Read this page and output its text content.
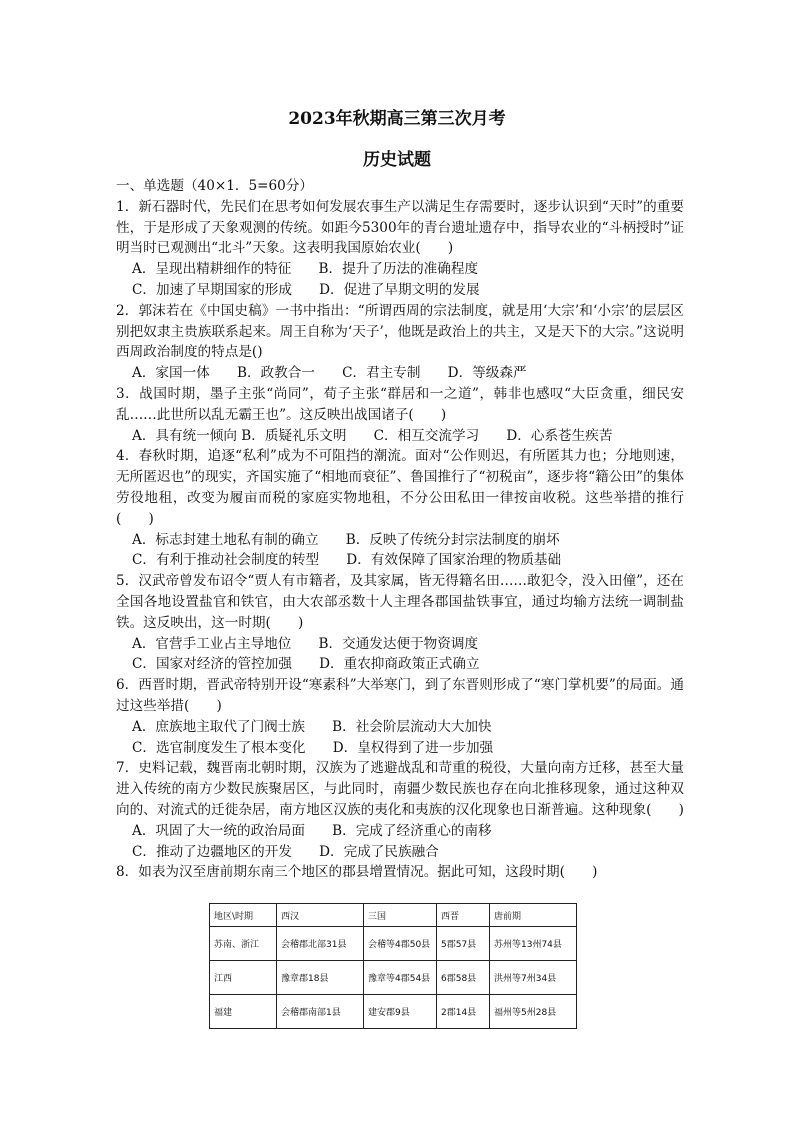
2023年秋期高三第三次月考
历史试题

一、单选题（40×1．5=60分）

1．新石器时代，先民们在思考如何发展农事生产以满足生存需要时，逐步认识到“天时”的重要性，于是形成了天象观测的传统。如距今5300年的青台遗址遗存中，指导农业的“斗柄授时”证明当时已观测出“北斗”天象。这表明我国原始农业(　　)

A．呈现出精耕细作的特征　　B．提升了历法的准确程度

C．加速了早期国家的形成　　D．促进了早期文明的发展

2．郭沫若在《中国史稿》一书中指出：“所谓西周的宗法制度，就是用‘大宗’和‘小宗’的层层区别把奴隶主贵族联系起来。周王自称为‘天子’，他既是政治上的共主，又是天下的大宗。”这说明西周政治制度的特点是()

A．家国一体　　B．政教合一　　C．君主专制　　D．等级森严

3．战国时期，墨子主张“尚同”，荀子主张“群居和一之道”，韩非也感叹“大臣贪重，细民安乱……此世所以乱无霸王也”。这反映出战国诸子(　　)

A．具有统一倾向 B．质疑礼乐文明　　C．相互交流学习　　D．心系苍生疾苦

4．春秋时期，追逐“私利”成为不可阻挡的潮流。面对“公作则迟，有所匿其力也；分地则速，无所匿迟也”的现实，齐国实施了“相地而衰征”、鲁国推行了“初税亩”，逐步将“籍公田”的集体劳役地租，改变为履亩而税的家庭实物地租，不分公田私田一律按亩收税。这些举措的推行(　　)

A．标志封建土地私有制的确立　　B．反映了传统分封宗法制度的崩坏

C．有利于推动社会制度的转型　　D．有效保障了国家治理的物质基础

5．汉武帝曾发布诏令“贾人有市籍者，及其家属，皆无得籍名田……敢犯令，没入田僮”，还在全国各地设置盐官和铁官，由大农部丞数十人主理各郡国盐铁事宜，通过均输方法统一调制盐铁。这反映出，这一时期(　　)

A．官营手工业占主导地位　　B．交通发达便于物资调度

C．国家对经济的管控加强　　D．重农抑商政策正式确立

6．西晋时期，晋武帝特别开设“寒素科”大举寒门，到了东晋则形成了“寒门掌机要”的局面。通过这些举措(　　)

A．庶族地主取代了门阀士族　　B．社会阶层流动大大加快

C．选官制度发生了根本变化　　D．皇权得到了进一步加强

7．史料记载，魏晋南北朝时期，汉族为了逃避战乱和苛重的税役，大量向南方迁移，甚至大量进入传统的南方少数民族聚居区，与此同时，南疆少数民族也存在向北推移现象，通过这种双向的、对流式的迁徙杂居，南方地区汉族的夷化和夷族的汉化现象也日渐普遍。这种现象(　　)

A．巩固了大一统的政治局面　　B．完成了经济重心的南移

C．推动了边疆地区的开发　　D．完成了民族融合

8．如表为汉至唐前期东南三个地区的郡县增置情况。据此可知，这段时期(　　)

地区\时期	西汉	三国	西晋	唐前期
苏南、浙江	会稽郡北部31县	会稽等4郡50县	5郡57县	苏州等13州74县
江西	豫章郡18县	豫章等4郡54县	6郡58县	洪州等7州34县
福建	会稽郡南部1县	建安郡9县	2郡14县	福州等5州28县
